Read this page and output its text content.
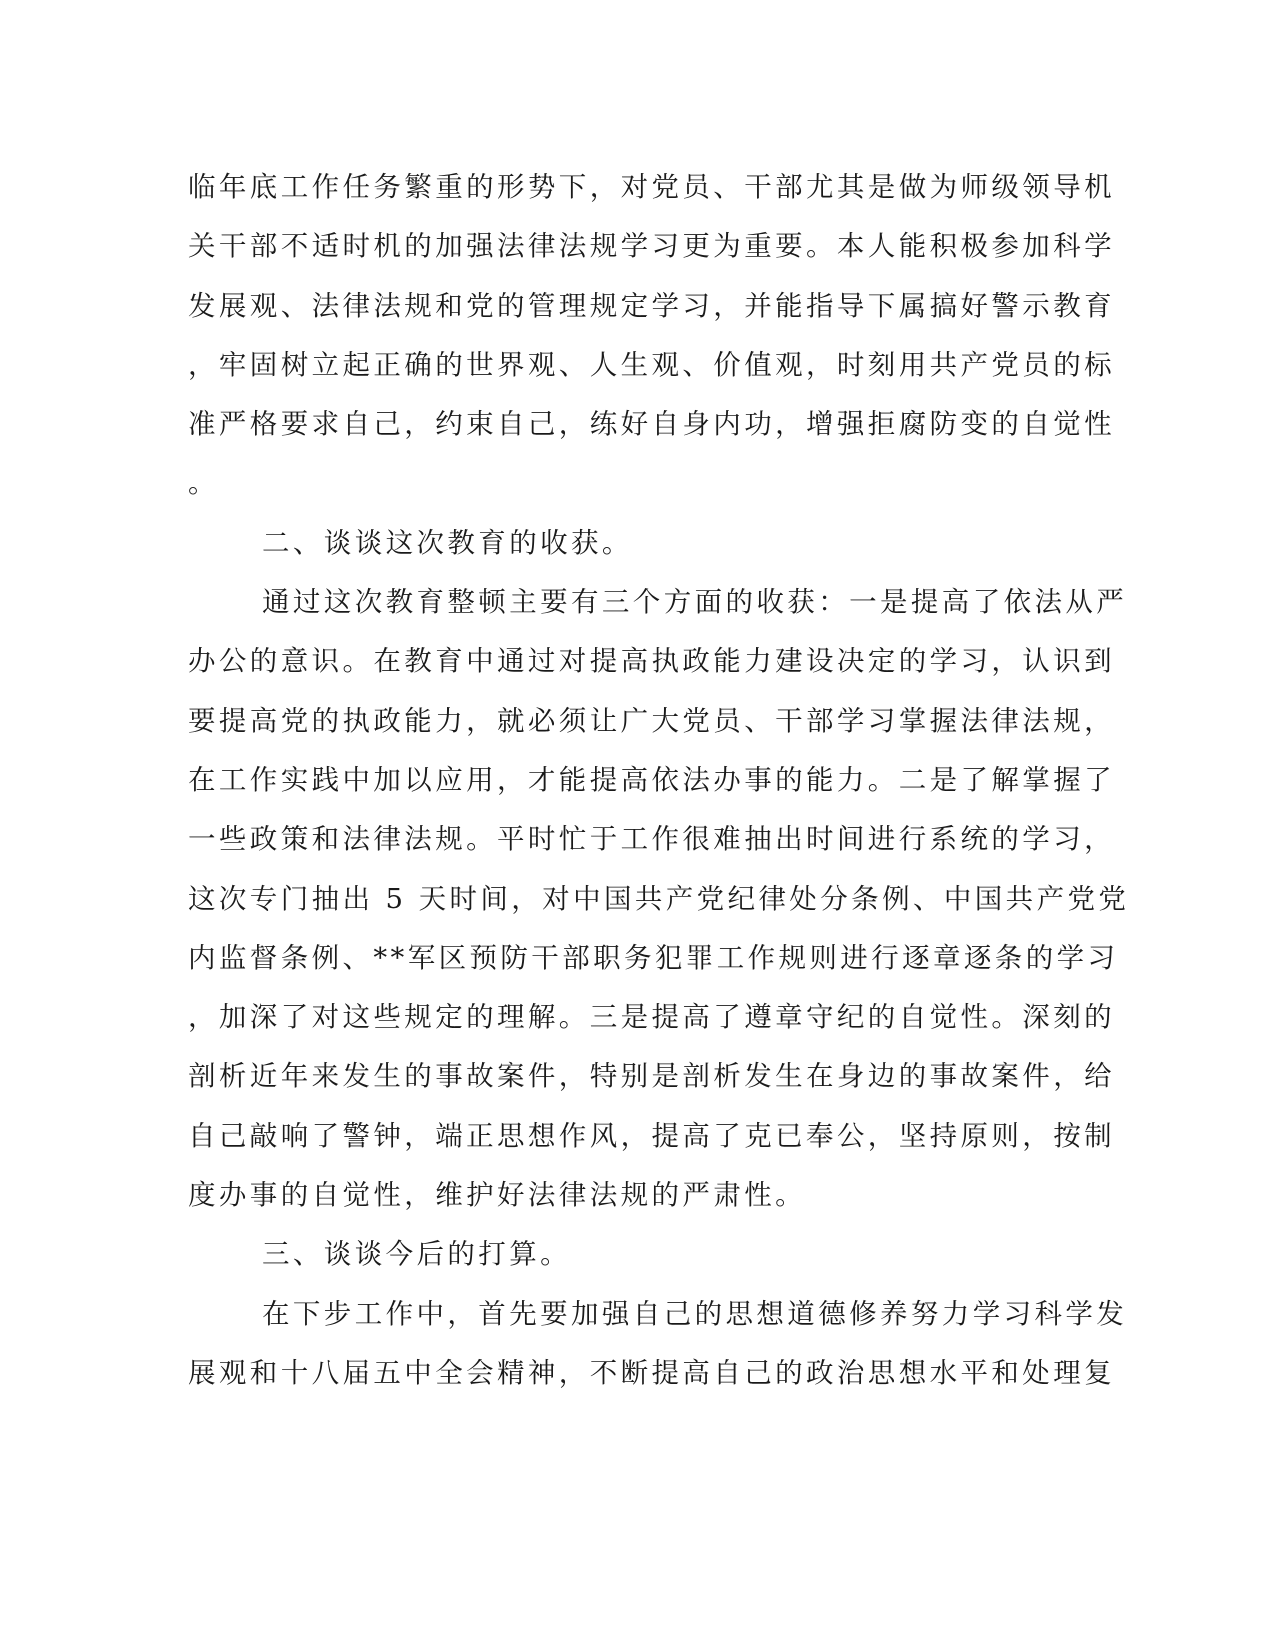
临年底工作任务繁重的形势下，对党员、干部尤其是做为师级领导机
关干部不适时机的加强法律法规学习更为重要。本人能积极参加科学
发展观、法律法规和党的管理规定学习，并能指导下属搞好警示教育
，牢固树立起正确的世界观、人生观、价值观，时刻用共产党员的标
准严格要求自己，约束自己，练好自身内功，增强拒腐防变的自觉性
。
二、谈谈这次教育的收获。
通过这次教育整顿主要有三个方面的收获：一是提高了依法从严
办公的意识。在教育中通过对提高执政能力建设决定的学习，认识到
要提高党的执政能力，就必须让广大党员、干部学习掌握法律法规，
在工作实践中加以应用，才能提高依法办事的能力。二是了解掌握了
一些政策和法律法规。平时忙于工作很难抽出时间进行系统的学习，
这次专门抽出 5 天时间，对中国共产党纪律处分条例、中国共产党党
内监督条例、**军区预防干部职务犯罪工作规则进行逐章逐条的学习
，加深了对这些规定的理解。三是提高了遵章守纪的自觉性。深刻的
剖析近年来发生的事故案件，特别是剖析发生在身边的事故案件，给
自己敲响了警钟，端正思想作风，提高了克已奉公，坚持原则，按制
度办事的自觉性，维护好法律法规的严肃性。
三、谈谈今后的打算。
在下步工作中，首先要加强自己的思想道德修养努力学习科学发
展观和十八届五中全会精神，不断提高自己的政治思想水平和处理复
